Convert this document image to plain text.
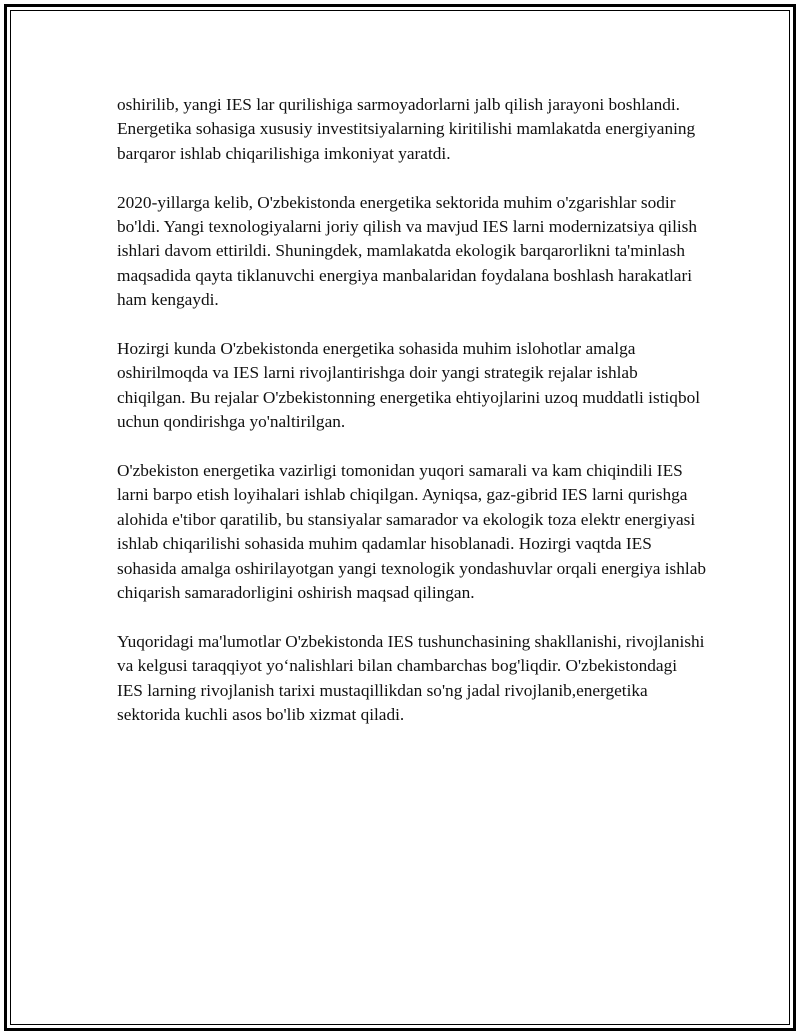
oshirilib, yangi IES lar qurilishiga sarmoyadorlarni jalb qilish jarayoni boshlandi. Energetika sohasiga xususiy investitsiyalarning kiritilishi mamlakatda energiyaning barqaror ishlab chiqarilishiga imkoniyat yaratdi.

2020-yillarga kelib, O'zbekistonda energetika sektorida muhim o'zgarishlar sodir bo'ldi. Yangi texnologiyalarni joriy qilish va mavjud IES larni modernizatsiya qilish ishlari davom ettirildi. Shuningdek, mamlakatda ekologik barqarorlikni ta'minlash maqsadida qayta tiklanuvchi energiya manbalaridan foydalana boshlash harakatlari ham kengaydi.

Hozirgi kunda O'zbekistonda energetika sohasida muhim islohotlar amalga oshirilmoqda va IES larni rivojlantirishga doir yangi strategik rejalar ishlab chiqilgan. Bu rejalar O'zbekistonning energetika ehtiyojlarini uzoq muddatli istiqbol uchun qondirishga yo'naltirilgan.

O'zbekiston energetika vazirligi tomonidan yuqori samarali va kam chiqindili IES larni barpo etish loyihalari ishlab chiqilgan. Ayniqsa, gaz-gibrid IES larni qurishga alohida e'tibor qaratilib, bu stansiyalar samarador va ekologik toza elektr energiyasi ishlab chiqarilishi sohasida muhim qadamlar hisoblanadi. Hozirgi vaqtda IES sohasida amalga oshirilayotgan yangi texnologik yondashuvlar orqali energiya ishlab chiqarish samaradorligini oshirish maqsad qilingan.

Yuqoridagi ma'lumotlar O'zbekistonda IES tushunchasining shakllanishi, rivojlanishi va kelgusi taraqqiyot yo‘nalishlari bilan chambarchas bog'liqdir. O'zbekistondagi IES larning rivojlanish tarixi mustaqillikdan so'ng jadal rivojlanib,energetika sektorida kuchli asos bo'lib xizmat qiladi.
